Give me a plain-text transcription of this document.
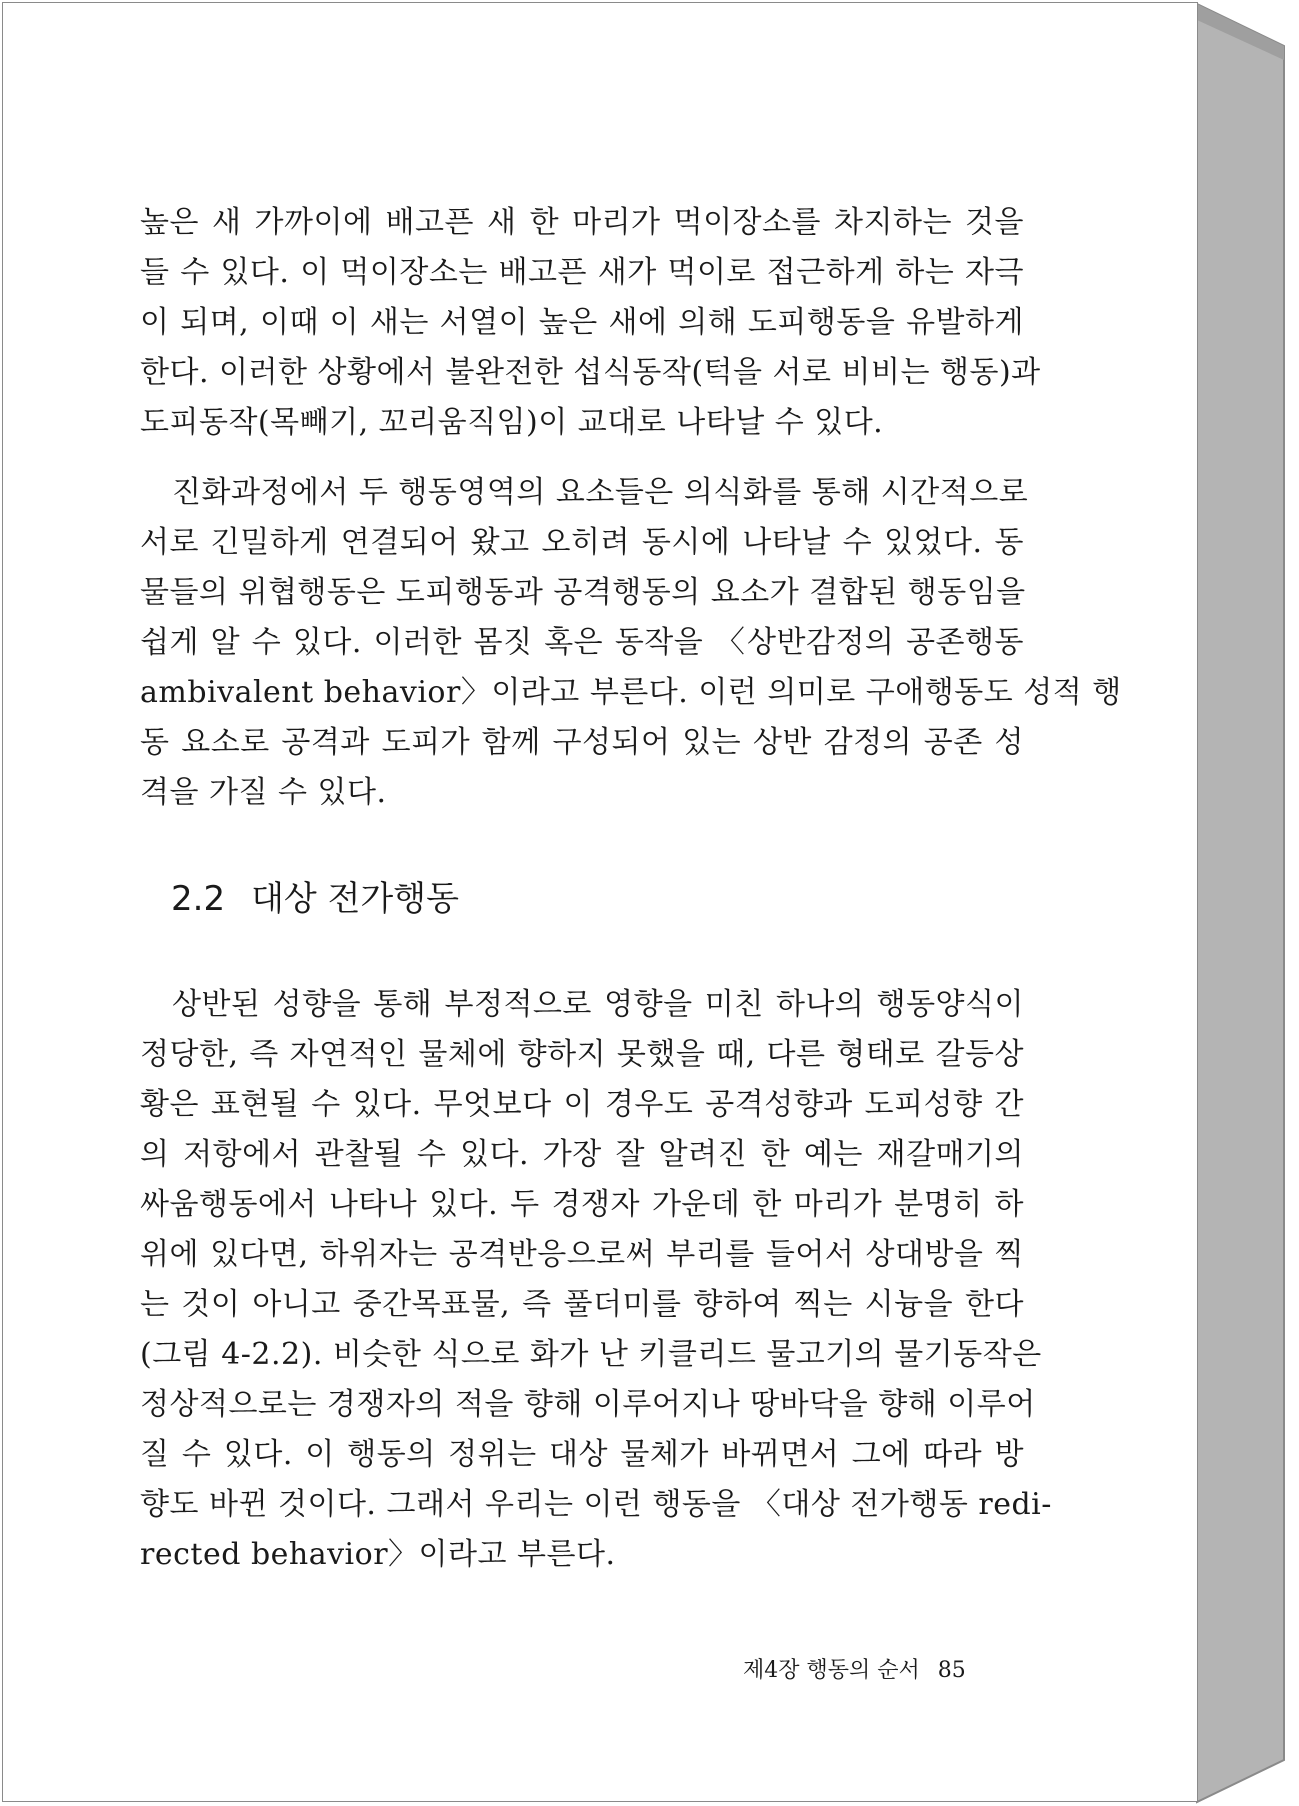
높은 새 가까이에 배고픈 새 한 마리가 먹이장소를 차지하는 것을
들 수 있다. 이 먹이장소는 배고픈 새가 먹이로 접근하게 하는 자극
이 되며, 이때 이 새는 서열이 높은 새에 의해 도피행동을 유발하게
한다. 이러한 상황에서 불완전한 섭식동작(턱을 서로 비비는 행동)과
도피동작(목빼기, 꼬리움직임)이 교대로 나타날 수 있다.
진화과정에서 두 행동영역의 요소들은 의식화를 통해 시간적으로
서로 긴밀하게 연결되어 왔고 오히려 동시에 나타날 수 있었다. 동
물들의 위협행동은 도피행동과 공격행동의 요소가 결합된 행동임을
쉽게 알 수 있다. 이러한 몸짓 혹은 동작을 〈상반감정의 공존행동
ambivalent behavior〉이라고 부른다. 이런 의미로 구애행동도 성적 행
동 요소로 공격과 도피가 함께 구성되어 있는 상반 감정의 공존 성
격을 가질 수 있다.
2.2 대상 전가행동
상반된 성향을 통해 부정적으로 영향을 미친 하나의 행동양식이
정당한, 즉 자연적인 물체에 향하지 못했을 때, 다른 형태로 갈등상
황은 표현될 수 있다. 무엇보다 이 경우도 공격성향과 도피성향 간
의 저항에서 관찰될 수 있다. 가장 잘 알려진 한 예는 재갈매기의
싸움행동에서 나타나 있다. 두 경쟁자 가운데 한 마리가 분명히 하
위에 있다면, 하위자는 공격반응으로써 부리를 들어서 상대방을 찍
는 것이 아니고 중간목표물, 즉 풀더미를 향하여 찍는 시늉을 한다
(그림 4-2.2). 비슷한 식으로 화가 난 키클리드 물고기의 물기동작은
정상적으로는 경쟁자의 적을 향해 이루어지나 땅바닥을 향해 이루어
질 수 있다. 이 행동의 정위는 대상 물체가 바뀌면서 그에 따라 방
향도 바뀐 것이다. 그래서 우리는 이런 행동을 〈대상 전가행동 redi-
rected behavior〉이라고 부른다.
제4장 행동의 순서 85
